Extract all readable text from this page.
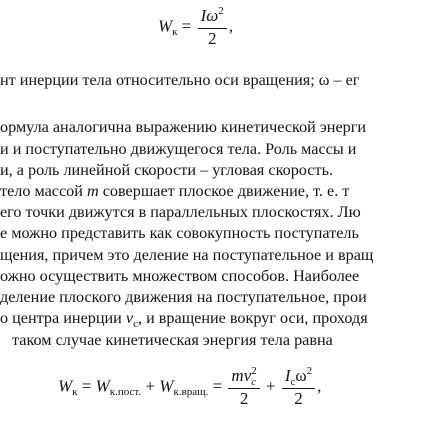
$W_к = \frac{I\omega^2}{2}$ ,
нт инерции тела относительно оси вращения; ω – ег
ормула аналогична выражению кинетической энерги
и и поступательно движущегося тела. Роль массы и
и, а роль линейной скорости – угловая скорость.
тело массой m совершает плоское движение, т. е. т
его точки движутся в параллельных плоскостях. Лю
е можно представить как совокупность поступатель
щения, причем это деление на поступательное и вращ
ожно осуществить множеством способов. Наиболее
деление плоского движения на поступательное, прои
о центра инерции $v_c$, и вращение вокруг оси, проходя
таком случае кинетическая энергия тела равна
$W_к = W_{к.пост.} + W_{к.вращ.}$ = mv 2
c
$2 + \frac{I_c\omega^2}{2}$ ,
